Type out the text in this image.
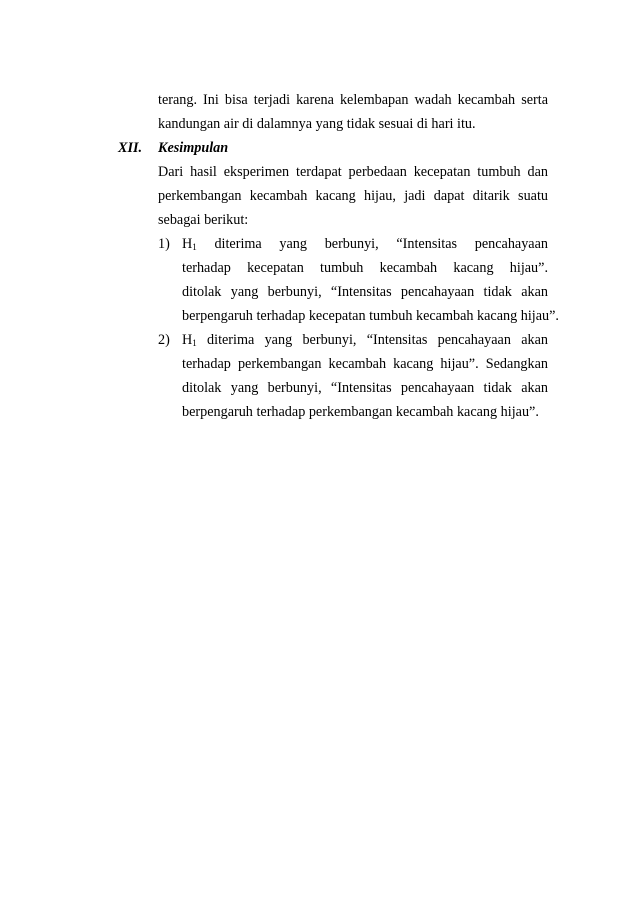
terang. Ini bisa terjadi karena kelembapan wadah kecambah serta
kandungan air di dalamnya yang tidak sesuai di hari itu.
XII. Kesimpulan
Dari hasil eksperimen terdapat perbedaan kecepatan tumbuh dan
perkembangan kecambah kacang hijau, jadi dapat ditarik suatu
sebagai berikut:
1) $H_1$ diterima yang berbunyi, “Intensitas pencahayaan
terhadap kecepatan tumbuh kecambah kacang hijau”.
ditolak yang berbunyi, “Intensitas pencahayaan tidak akan
berpengaruh terhadap kecepatan tumbuh kecambah kacang hijau”.
2) $H_1$ diterima yang berbunyi, “Intensitas pencahayaan akan
terhadap perkembangan kecambah kacang hijau”. Sedangkan
ditolak yang berbunyi, “Intensitas pencahayaan tidak akan
berpengaruh terhadap perkembangan kecambah kacang hijau”.
